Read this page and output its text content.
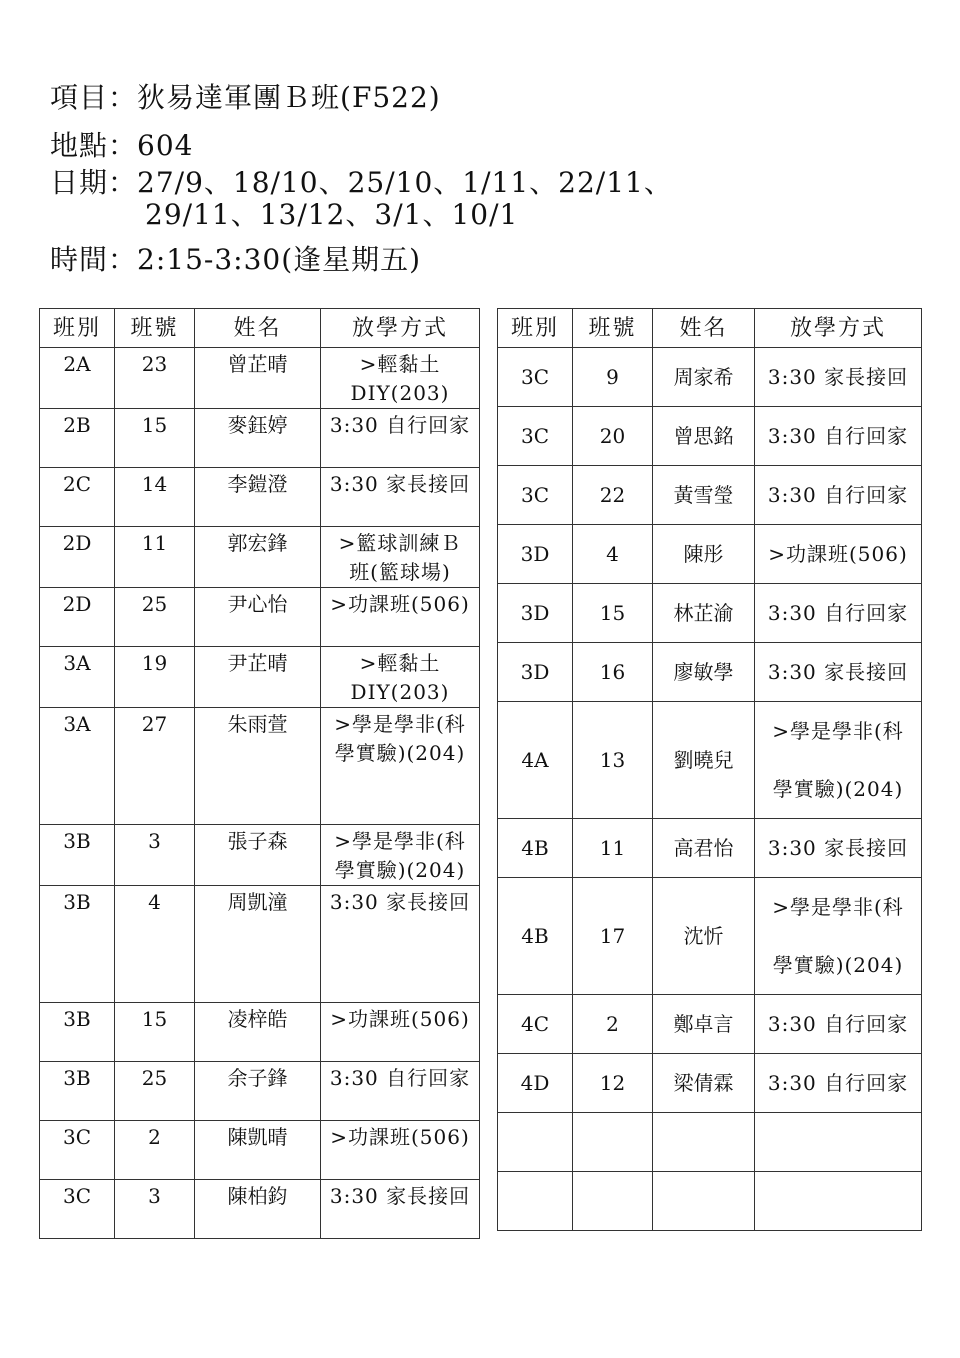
項目：狄易達軍團Ｂ班(F522)
地點：604
日期：27/9、18/10、25/10、1/11、22/11、
29/11、13/12、3/1、10/1
時間：2:15-3:30(逢星期五)
班別	班號	姓名	放學方式
2A	23	曾芷晴	>輕黏土
DIY(203)

2B	15	麥鈺婷	3:30 自行回家

2C	14	李鎧澄	3:30 家長接回

2D	11	郭宏鋒	>籃球訓練Ｂ
班(籃球場)

2D	25	尹心怡	>功課班(506)

3A	19	尹芷晴	>輕黏土
DIY(203)

3A	27	朱雨萱	>學是學非(科
學實驗)(204)

3B	3	張子森	>學是學非(科
學實驗)(204)

3B	4	周凱潼	3:30 家長接回

3B	15	凌梓皓	>功課班(506)

3B	25	余子鋒	3:30 自行回家

3C	2	陳凱晴	>功課班(506)

3C	3	陳柏鈞	3:30 家長接回
班別	班號	姓名	放學方式
3C	9	周家希	3:30 家長接回

3C	20	曾思銘	3:30 自行回家

3C	22	黃雪瑩	3:30 自行回家

3D	4	陳彤	>功課班(506)

3D	15	林芷渝	3:30 自行回家

3D	16	廖敏學	3:30 家長接回

4A	13	劉曉兒	>學是學非(科
學實驗)(204)

4B	11	高君怡	3:30 家長接回

4B	17	沈忻	>學是學非(科
學實驗)(204)

4C	2	鄭卓言	3:30 自行回家

4D	12	梁倩霖	3:30 自行回家
